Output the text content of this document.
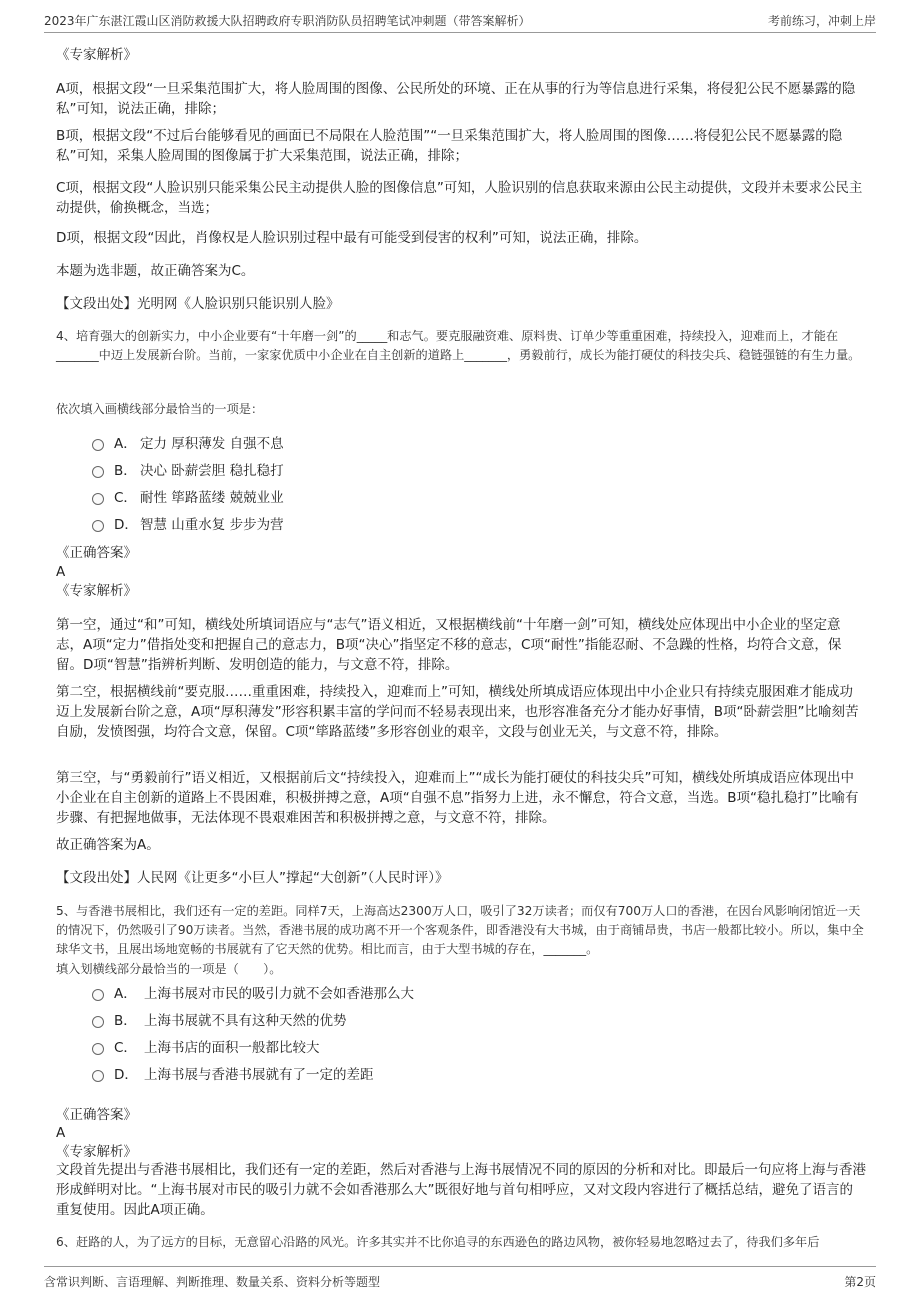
2023年广东湛江霞山区消防救援大队招聘政府专职消防队员招聘笔试冲刺题（带答案解析）	考前练习，冲刺上岸
《专家解析》
A项，根据文段“一旦采集范围扩大，将人脸周围的图像、公民所处的环境、正在从事的行为等信息进行采集，将侵犯公民不愿暴露的隐私”可知，说法正确，排除；
B项，根据文段“不过后台能够看见的画面已不局限在人脸范围”“一旦采集范围扩大，将人脸周围的图像……将侵犯公民不愿暴露的隐私”可知，采集人脸周围的图像属于扩大采集范围，说法正确，排除；
C项，根据文段“人脸识别只能采集公民主动提供人脸的图像信息”可知，人脸识别的信息获取来源由公民主动提供，文段并未要求公民主动提供，偷换概念，当选；
D项，根据文段“因此，肖像权是人脸识别过程中最有可能受到侵害的权利”可知，说法正确，排除。
本题为选非题，故正确答案为C。
【文段出处】光明网《人脸识别只能识别人脸》
4、培育强大的创新实力，中小企业要有“十年磨一剑”的_____和志气。要克服融资难、原料贵、订单少等重重困难，持续投入，迎难而上，才能在_______中迈上发展新台阶。当前，一家家优质中小企业在自主创新的道路上_______，勇毅前行，成长为能打硬仗的科技尖兵、稳链强链的有生力量。
依次填入画横线部分最恰当的一项是：
A． 定力 厚积薄发 自强不息
B． 决心 卧薪尝胆 稳扎稳打
C． 耐性 筚路蓝缕 兢兢业业
D． 智慧 山重水复 步步为营
《正确答案》
A
《专家解析》
第一空，通过“和”可知，横线处所填词语应与“志气”语义相近，又根据横线前“十年磨一剑”可知，横线处应体现出中小企业的坚定意志，A项“定力”借指处变和把握自己的意志力，B项“决心”指坚定不移的意志，C项“耐性”指能忍耐、不急躁的性格，均符合文意，保留。D项“智慧”指辨析判断、发明创造的能力，与文意不符，排除。
第二空，根据横线前“要克服……重重困难，持续投入，迎难而上”可知，横线处所填成语应体现出中小企业只有持续克服困难才能成功迈上发展新台阶之意，A项“厚积薄发”形容积累丰富的学问而不轻易表现出来，也形容准备充分才能办好事情，B项“卧薪尝胆”比喻刻苦自励，发愤图强，均符合文意，保留。C项“筚路蓝缕”多形容创业的艰辛，文段与创业无关，与文意不符，排除。
第三空，与“勇毅前行”语义相近，又根据前后文“持续投入，迎难而上”“成长为能打硬仗的科技尖兵”可知，横线处所填成语应体现出中小企业在自主创新的道路上不畏困难，积极拼搏之意，A项“自强不息”指努力上进，永不懈怠，符合文意，当选。B项“稳扎稳打”比喻有步骤、有把握地做事，无法体现不畏艰难困苦和积极拼搏之意，与文意不符，排除。
故正确答案为A。
【文段出处】人民网《让更多“小巨人”撑起“大创新”（人民时评）》
5、与香港书展相比，我们还有一定的差距。同样7天，上海高达2300万人口，吸引了32万读者；而仅有700万人口的香港，在因台风影响闭馆近一天的情况下，仍然吸引了90万读者。当然，香港书展的成功离不开一个客观条件，即香港没有大书城，由于商铺昂贵，书店一般都比较小。所以，集中全球华文书，且展出场地宽畅的书展就有了它天然的优势。相比而言，由于大型书城的存在，_______。
填入划横线部分最恰当的一项是（　　）。
A． 上海书展对市民的吸引力就不会如香港那么大
B． 上海书展就不具有这种天然的优势
C． 上海书店的面积一般都比较大
D． 上海书展与香港书展就有了一定的差距
《正确答案》
A
《专家解析》
文段首先提出与香港书展相比，我们还有一定的差距，然后对香港与上海书展情况不同的原因的分析和对比。即最后一句应将上海与香港形成鲜明对比。“上海书展对市民的吸引力就不会如香港那么大”既很好地与首句相呼应，又对文段内容进行了概括总结，避免了语言的重复使用。因此A项正确。
6、赶路的人，为了远方的目标，无意留心沿路的风光。许多其实并不比你追寻的东西逊色的路边风物，被你轻易地忽略过去了，待我们多年后
含常识判断、言语理解、判断推理、数量关系、资料分析等题型	第2页
